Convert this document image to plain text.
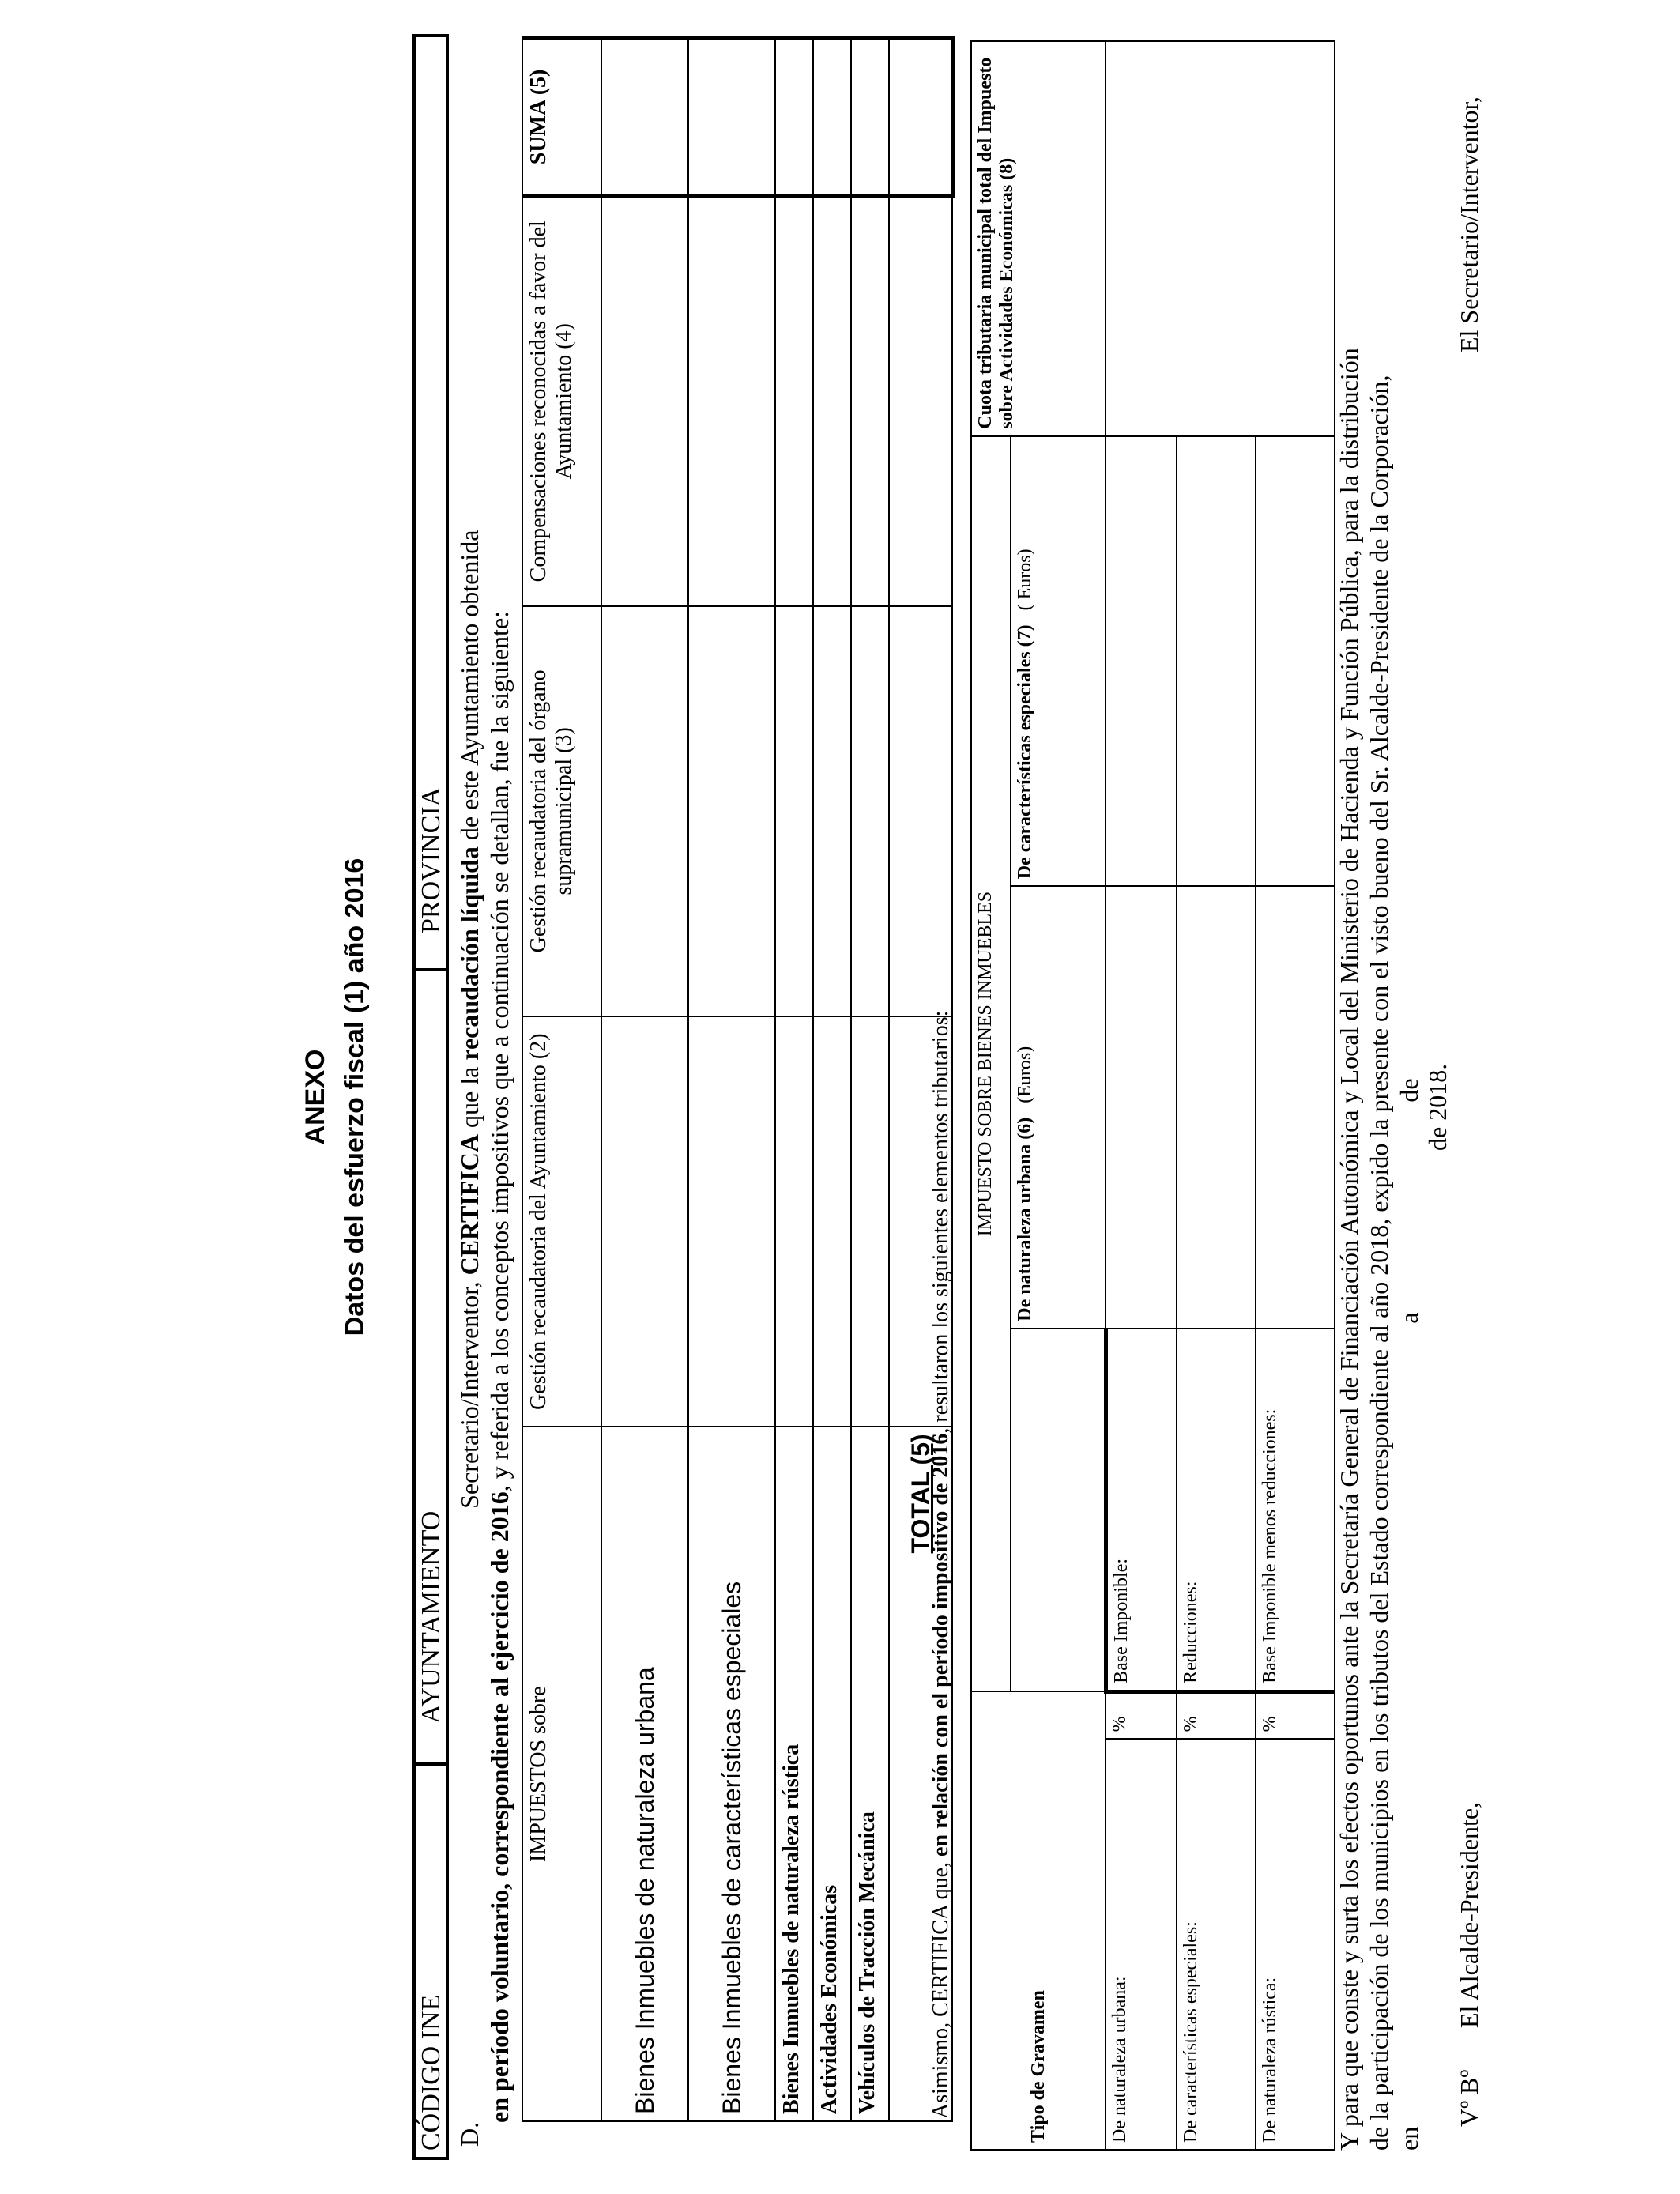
ANEXO Datos del esfuerzo fiscal (1) año 2016
CÓDIGO INE
AYUNTAMIENTO
PROVINCIA
D.  Secretario/Interventor, CERTIFICA que la recaudación líquida de este Ayuntamiento obtenida
en período voluntario, correspondiente al ejercicio de 2016, y referida a los conceptos impositivos que a continuación se detallan, fue la siguiente:
IMPUESTOS sobre	Gestión recaudatoria del Ayuntamiento (2)	Gestión recaudatoria del órgano supramunicipal (3)	Compensaciones reconocidas a favor del Ayuntamiento (4)	SUMA (5)
Bienes Inmuebles de naturaleza urbana				
Bienes Inmuebles de características especiales				
Bienes Inmuebles de naturaleza rústica				
Actividades Económicas				
Vehículos de Tracción Mecánica				
TOTAL (5)				
Asimismo, CERTIFICA que, en relación con el período impositivo de 2016, resultaron los siguientes elementos tributarios:
Tipo de Gravamen		IMPUESTO SOBRE BIENES INMUEBLES			Cuota tributaria municipal total del Impuesto sobre Actividades Económicas (8)
			De naturaleza urbana (6)   (Euros)	De características especiales (7)   ( Euros)	
De naturaleza urbana:	%	Base Imponible:			
De características especiales:	%	Reducciones:			
De naturaleza rústica:	%	Base Imponible menos reducciones:			Y para que conste y surta los efectos oportunos ante la Secretaría General de Financiación Autonómica y Local del Ministerio de Hacienda y Función Pública, para la distribución de la participación de los municipios en los tributos del Estado correspondiente al año 2018, expido la presente con el visto bueno del Sr. Alcalde-Presidente de la Corporación, en  a  de de 2018.
Vº Bº
El Alcalde-Presidente,
El Secretario/Interventor,
